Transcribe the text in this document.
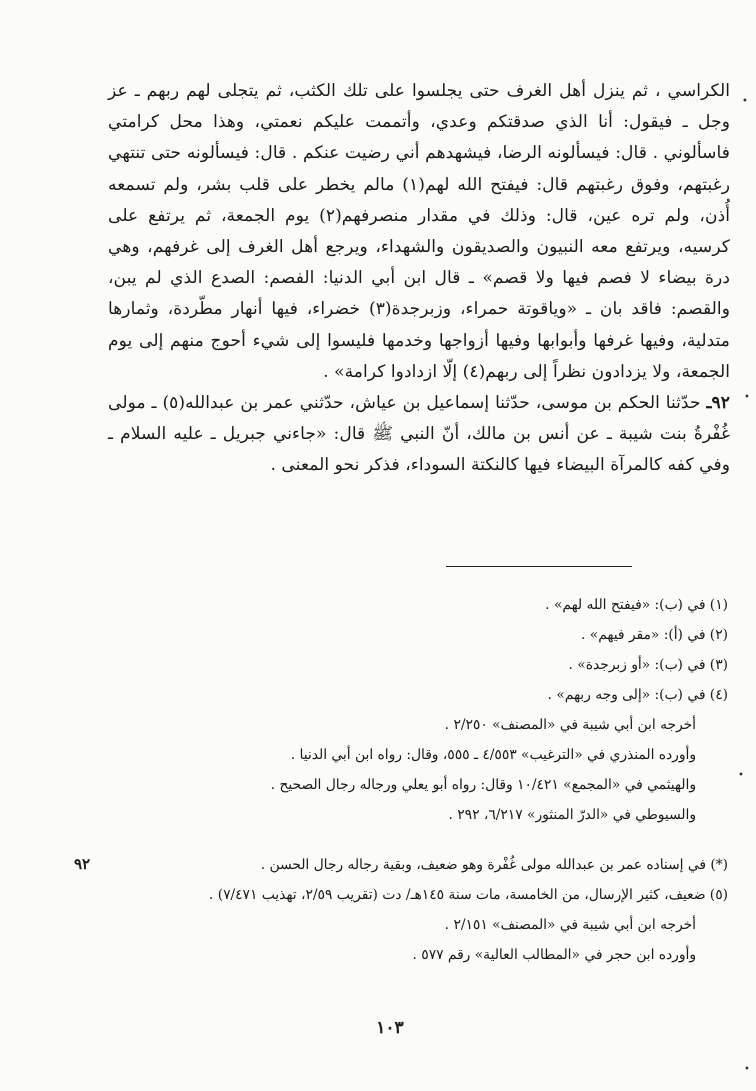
الكراسي ، ثم ينزل أهل الغرف حتى يجلسوا على تلك الكثب، ثم يتجلى لهم ربهم ـ عز وجل ـ فيقول: أنا الذي صدقتكم وعدي، وأتممت عليكم نعمتي، وهذا محل كرامتي فاسألوني . قال: فيسألونه الرضا، فيشهدهم أني رضيت عنكم . قال: فيسألونه حتى تنتهي رغبتهم، وفوق رغبتهم قال: فيفتح الله لهم(١) مالم يخطر على قلب بشر، ولم تسمعه أُذن، ولم تره عين، قال: وذلك في مقدار منصرفهم(٢) يوم الجمعة، ثم يرتفع على كرسيه، ويرتفع معه النبيون والصديقون والشهداء، ويرجع أهل الغرف إلى غرفهم، وهي درة بيضاء لا فصم فيها ولا قصم» ـ قال ابن أبي الدنيا: الفصم: الصدع الذي لم يبن، والقصم: فاقد بان ـ «وياقوتة حمراء، وزبرجدة(٣) خضراء، فيها أنهار مطّردة، وثمارها متدلية، وفيها غرفها وأبوابها وفيها أزواجها وخدمها فليسوا إلى شيء أحوج منهم إلى يوم الجمعة، ولا يزدادون نظراً إلى ربهم(٤) إلّا ازدادوا كرامة» .

٩٢ـ حدّثنا الحكم بن موسى، حدّثنا إسماعيل بن عياش، حدّثني عمر بن عبدالله(٥) ـ مولى غُفْرةُ بنت شيبة ـ عن أنس بن مالك، أنّ النبي ﷺ قال: «جاءني جبريل ـ عليه السلام ـ وفي كفه كالمرآة البيضاء فيها كالنكتة السوداء، فذكر نحو المعنى .

(١) في (ب): «فيفتح الله لهم» .
(٢) في (أ): «مقر فيهم» .
(٣) في (ب): «أو زبرجدة» .
(٤) في (ب): «إلى وجه ربهم» .
أخرجه ابن أبي شيبة في «المصنف» ٢/٢٥٠ .
وأورده المنذري في «الترغيب» ٤/٥٥٣ ـ ٥٥٥، وقال: رواه ابن أبي الدنيا .
والهيثمي في «المجمع» ١٠/٤٢١ وقال: رواه أبو يعلي ورجاله رجال الصحيح .
والسيوطي في «الدرّ المنثور» ٦/٢١٧، ٢٩٢ .
(*) في إسناده عمر بن عبدالله مولى غُفْرة وهو ضعيف، وبقية رجاله رجال الحسن .
(٥) ضعيف، كثير الإرسال، من الخامسة، مات سنة ١٤٥هـ/ دت (تقريب ٢/٥٩، تهذيب ٧/٤٧١) .
أخرجه ابن أبي شيبة في «المصنف» ٢/١٥١ .
وأورده ابن حجر في «المطالب العالية» رقم ٥٧٧ .
٩٢
١٠٣
•
•
•
•
